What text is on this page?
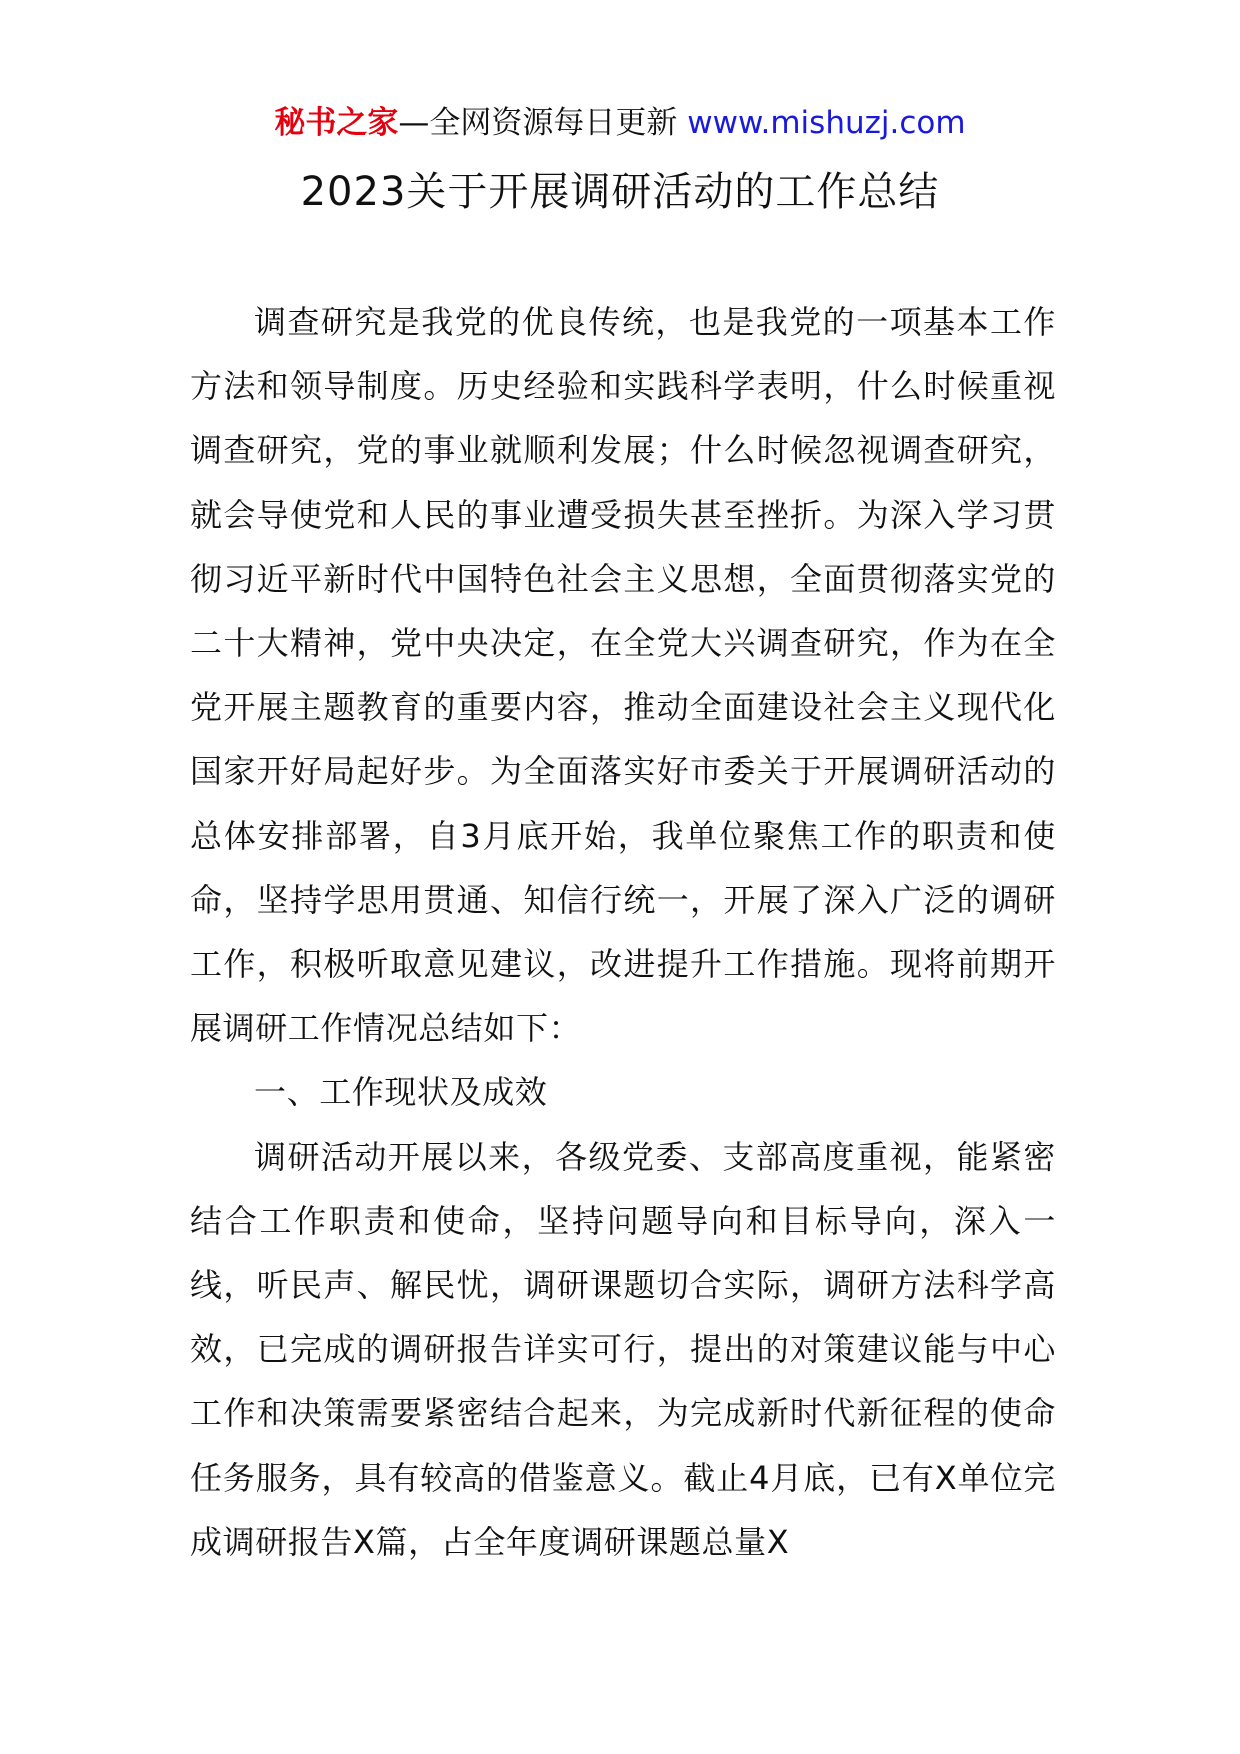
秘书之家—全网资源每日更新 www.mishuzj.com
2023关于开展调研活动的工作总结

调查研究是我党的优良传统，也是我党的一项基本工作方法和领导制度。历史经验和实践科学表明，什么时候重视调查研究，党的事业就顺利发展；什么时候忽视调查研究，就会导使党和人民的事业遭受损失甚至挫折。为深入学习贯彻习近平新时代中国特色社会主义思想，全面贯彻落实党的二十大精神，党中央决定，在全党大兴调查研究，作为在全党开展主题教育的重要内容，推动全面建设社会主义现代化国家开好局起好步。为全面落实好市委关于开展调研活动的总体安排部署，自3月底开始，我单位聚焦工作的职责和使命，坚持学思用贯通、知信行统一，开展了深入广泛的调研工作，积极听取意见建议，改进提升工作措施。现将前期开展调研工作情况总结如下：

一、工作现状及成效

调研活动开展以来，各级党委、支部高度重视，能紧密结合工作职责和使命，坚持问题导向和目标导向，深入一线，听民声、解民忧，调研课题切合实际，调研方法科学高效，已完成的调研报告详实可行，提出的对策建议能与中心工作和决策需要紧密结合起来，为完成新时代新征程的使命任务服务，具有较高的借鉴意义。截止4月底，已有X单位完成调研报告X篇，占全年度调研课题总量X
